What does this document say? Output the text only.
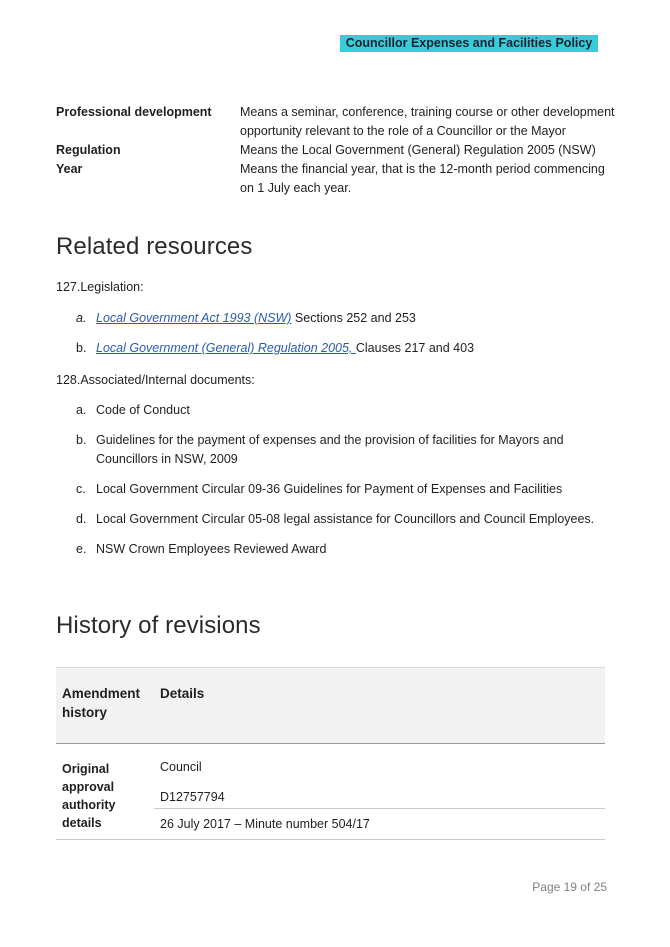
Councillor Expenses and Facilities Policy
Professional development	Means a seminar, conference, training course or other development opportunity relevant to the role of a Councillor or the Mayor
Regulation	Means the Local Government (General) Regulation 2005 (NSW)
Year	Means the financial year, that is the 12-month period commencing on 1 July each year.
Related resources
127.Legislation:
a. Local Government Act 1993 (NSW) Sections 252 and 253
b. Local Government (General) Regulation 2005, Clauses 217 and 403
128.Associated/Internal documents:
a. Code of Conduct
b. Guidelines for the payment of expenses and the provision of facilities for Mayors and Councillors in NSW, 2009
c. Local Government Circular 09-36 Guidelines for Payment of Expenses and Facilities
d. Local Government Circular 05-08 legal assistance for Councillors and Council Employees.
e. NSW Crown Employees Reviewed Award
History of revisions
Amendment history	Details
Original approval authority details	Council
	D12757794
	26 July 2017 – Minute number 504/17
Page 19 of 25
